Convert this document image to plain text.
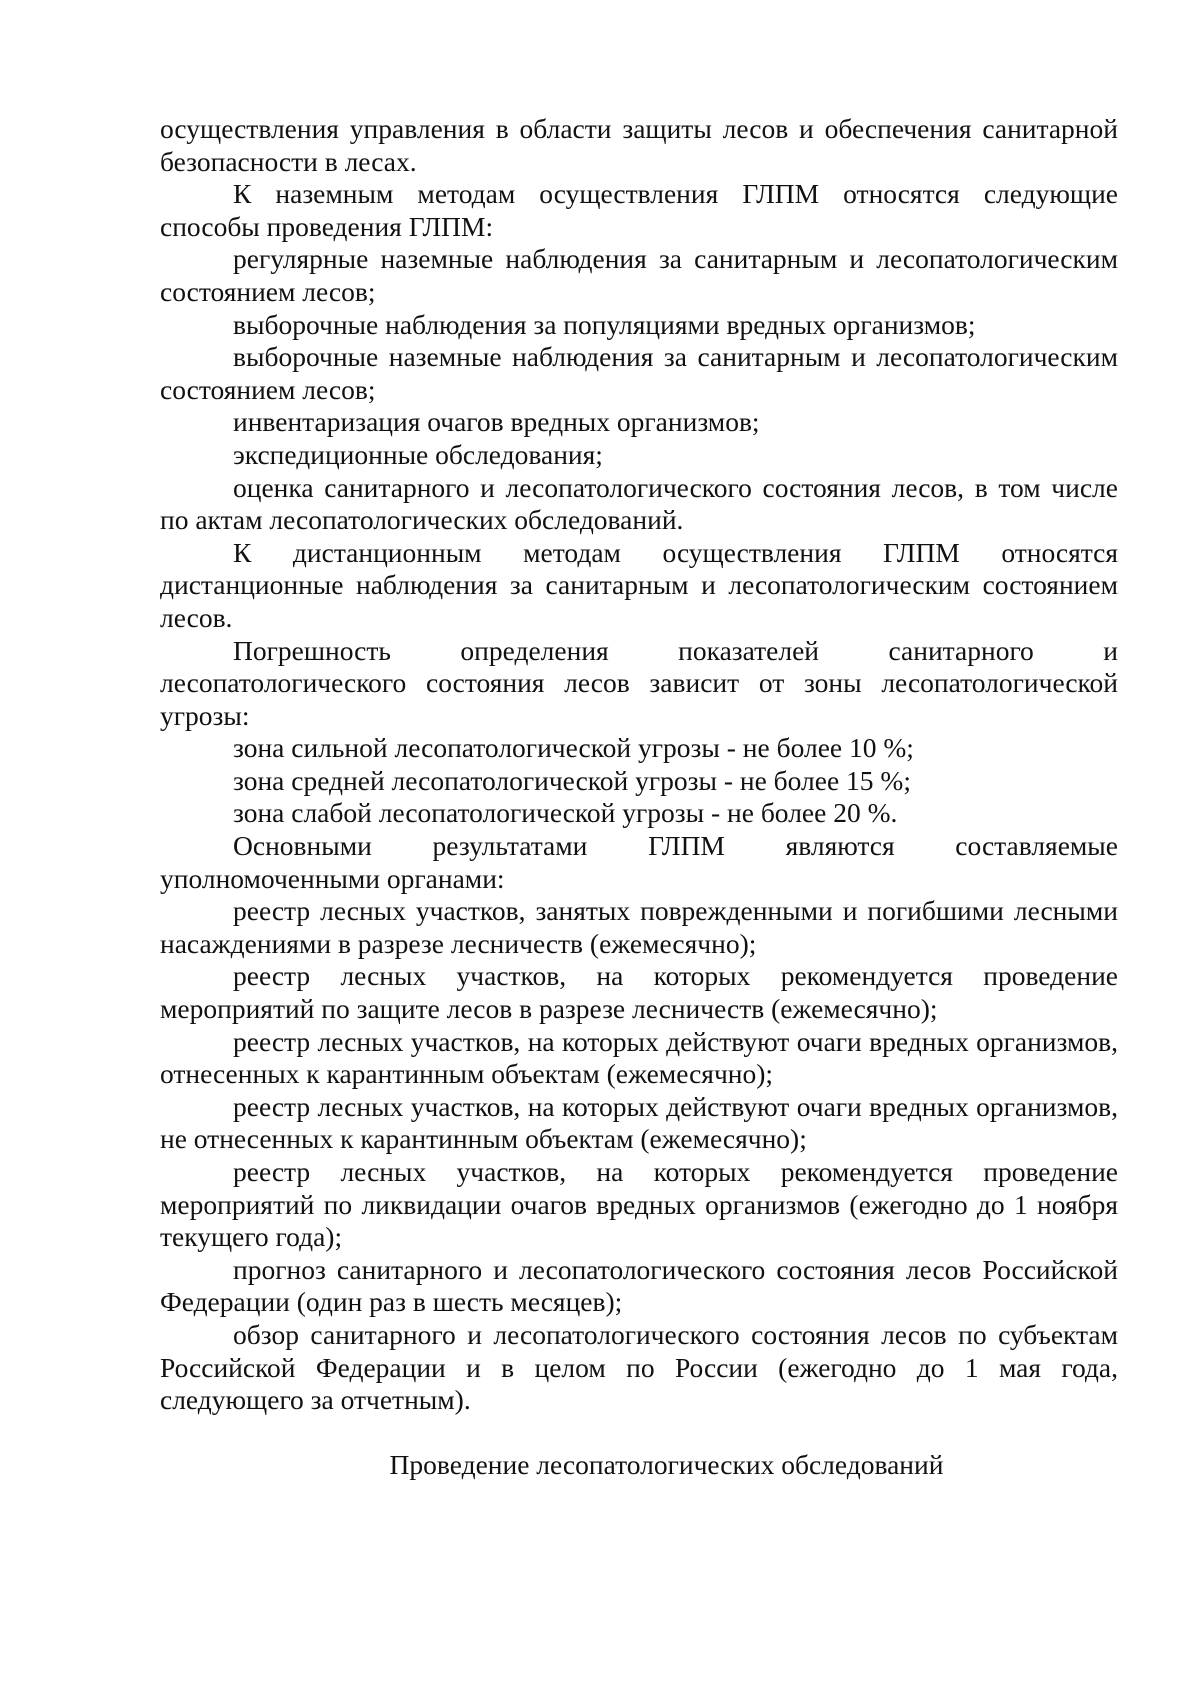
осуществления управления в области защиты лесов и обеспечения санитарной безопасности в лесах.

К наземным методам осуществления ГЛПМ относятся следующие способы проведения ГЛПМ:

регулярные наземные наблюдения за санитарным и лесопатологическим состоянием лесов;

выборочные наблюдения за популяциями вредных организмов;

выборочные наземные наблюдения за санитарным и лесопатологическим состоянием лесов;

инвентаризация очагов вредных организмов;

экспедиционные обследования;

оценка санитарного и лесопатологического состояния лесов, в том числе по актам лесопатологических обследований.

К дистанционным методам осуществления ГЛПМ относятся дистанционные наблюдения за санитарным и лесопатологическим состоянием лесов.

Погрешность определения показателей санитарного и лесопатологического состояния лесов зависит от зоны лесопатологической угрозы:

зона сильной лесопатологической угрозы - не более 10 %;

зона средней лесопатологической угрозы - не более 15 %;

зона слабой лесопатологической угрозы - не более 20 %.

Основными результатами ГЛПМ являются составляемые уполномоченными органами:

реестр лесных участков, занятых поврежденными и погибшими лесными насаждениями в разрезе лесничеств (ежемесячно);

реестр лесных участков, на которых рекомендуется проведение мероприятий по защите лесов в разрезе лесничеств (ежемесячно);

реестр лесных участков, на которых действуют очаги вредных организмов, отнесенных к карантинным объектам (ежемесячно);

реестр лесных участков, на которых действуют очаги вредных организмов, не отнесенных к карантинным объектам (ежемесячно);

реестр лесных участков, на которых рекомендуется проведение мероприятий по ликвидации очагов вредных организмов (ежегодно до 1 ноября текущего года);

прогноз санитарного и лесопатологического состояния лесов Российской Федерации (один раз в шесть месяцев);

обзор санитарного и лесопатологического состояния лесов по субъектам Российской Федерации и в целом по России (ежегодно до 1 мая года, следующего за отчетным).

Проведение лесопатологических обследований
